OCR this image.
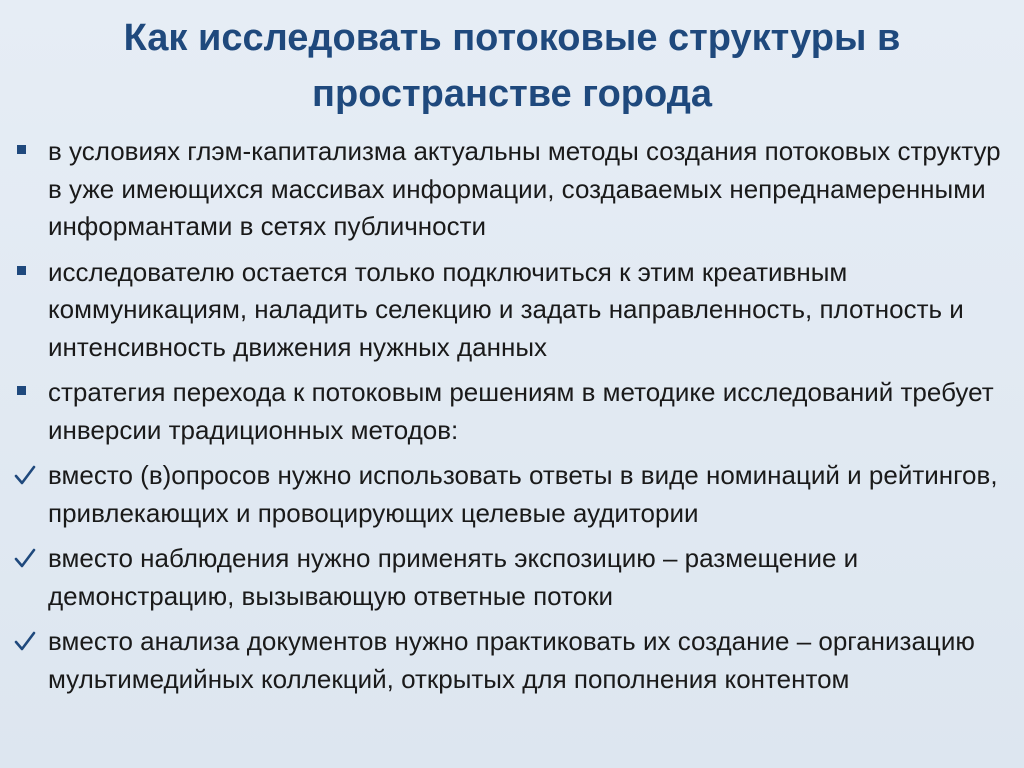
Как исследовать потоковые структуры в пространстве города
в условиях глэм-капитализма актуальны методы создания потоковых структур в уже имеющихся массивах информации, создаваемых непреднамеренными информантами в сетях публичности
исследователю остается только подключиться к этим креативным коммуникациям, наладить селекцию и задать направленность, плотность и интенсивность движения нужных данных
стратегия перехода к потоковым решениям в методике исследований требует инверсии традиционных методов:
вместо (в)опросов нужно использовать ответы в виде номинаций и рейтингов, привлекающих и провоцирующих целевые аудитории
вместо наблюдения нужно применять экспозицию – размещение и демонстрацию, вызывающую ответные потоки
вместо анализа документов нужно практиковать их создание – организацию мультимедийных коллекций, открытых для пополнения контентом
